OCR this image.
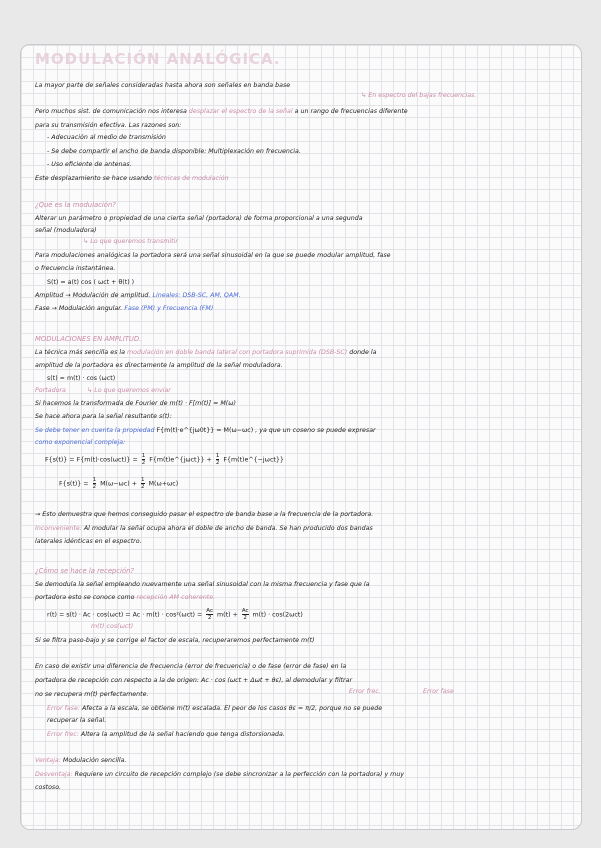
MODULACIÓN ANALÓGICA.
La mayor parte de señales consideradas hasta ahora son señales en banda base
↳ En espectro del bajas frecuencias.
Pero muchos sist. de comunicación nos interesa desplazar el espectro de la señal a un rango de frecuencias diferente
para su transmisión efectiva. Las razones son:
- Adecuación al medio de transmisión
- Se debe compartir el ancho de banda disponible: Multiplexación en frecuencia.
- Uso eficiente de antenas.
Este desplazamiento se hace usando técnicas de modulación
¿Qué es la modulación?
Alterar un parámetro o propiedad de una cierta señal (portadora) de forma proporcional a una segunda
señal (moduladora)
↳ Lo que queremos transmitir
Para modulaciones analógicas la portadora será una señal sinusoidal en la que se puede modular amplitud, fase
o frecuencia instantánea.
S(t) = a(t) cos ( ωct + θ(t) )
Amplitud → Modulación de amplitud. Lineales: DSB-SC, AM, QAM.
Fase → Modulación angular. Fase (PM) y Frecuencia (FM)
MODULACIONES EN AMPLITUD.
La técnica más sencilla es la modulación en doble banda lateral con portadora suprimida (DSB-SC) donde la
amplitud de la portadora es directamente la amplitud de la señal moduladora.
s(t) = m(t) · cos (ωct)
Portadora	↳ Lo que queremos enviar
Si hacemos la transformada de Fourier de m(t) · F[m(t)] = M(ω)
Se hace ahora para la señal resultante s(t):
Se debe tener en cuenta la propiedad F{m(t)·e^{jω0t}} = M(ω−ωc) , ya que un coseno se puede expresar
como exponencial compleja:
$F\{s(t)\} = F\{m(t)\cdot\cos(\omega ct)\} = \frac{1}{2}$ F{m(t)e^{jωct}} + $\frac{1}{2}$ F{m(t)e^{−jωct}}
$F\{s(t)\} = \frac{1}{2} M(\omega-\omega c) + \frac{1}{2} M(\omega+\omega c)$
→ Esto demuestra que hemos conseguido pasar el espectro de banda base a la frecuencia de la portadora.
Inconveniente: Al modular la señal ocupa ahora el doble de ancho de banda. Se han producido dos bandas
laterales idénticas en el espectro.
¿Cómo se hace la recepción?
Se demodula la señal empleando nuevamente una señal sinusoidal con la misma frecuencia y fase que la
portadora esto se conoce como recepción AM coherente.
$r(t) = s(t) \cdot Ac \cdot \cos(\omega ct) = Ac \cdot m(t) \cdot \cos^2(\omega ct) = \frac{Ac}{2} m(t) + \frac{Ac}{2} m(t) \cdot \cos(2\omega ct)$
m(t) cos(ωct)
Si se filtra paso-bajo y se corrige el factor de escala, recuperaremos perfectamente m(t)
En caso de existir una diferencia de frecuencia (error de frecuencia) o de fase (error de fase) en la
portadora de recepción con respecto a la de origen: Ac · cos (ωct + Δωt + θε), al demodular y filtrar
no se recupera m(t) perfectamente.	Error frec.	Error fase
Error fase: Afecta a la escala, se obtiene m(t) escalada. El peor de los casos θε = π/2, porque no se puede
recuperar la señal.
Error frec: Altera la amplitud de la señal haciendo que tenga distorsionada.
Ventaja: Modulación sencilla.
Desventaja: Requiere un circuito de recepción complejo (se debe sincronizar a la perfección con la portadora) y muy
costoso.
